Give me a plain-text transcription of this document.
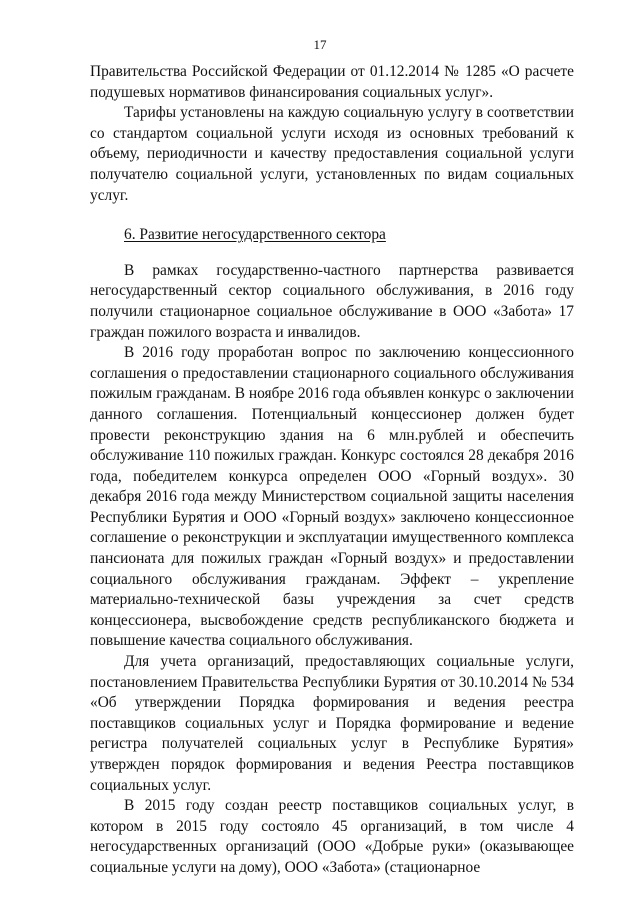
17

Правительства Российской Федерации от 01.12.2014 № 1285 «О расчете подушевых нормативов финансирования социальных услуг».

Тарифы установлены на каждую социальную услугу в соответствии со стандартом социальной услуги исходя из основных требований к объему, периодичности и качеству предоставления социальной услуги получателю социальной услуги, установленных по видам социальных услуг.

6. Развитие негосударственного сектора

В рамках государственно-частного партнерства развивается негосударственный сектор социального обслуживания, в 2016 году получили стационарное социальное обслуживание в ООО «Забота» 17 граждан пожилого возраста и инвалидов.

В 2016 году проработан вопрос по заключению концессионного соглашения о предоставлении стационарного социального обслуживания пожилым гражданам. В ноябре 2016 года объявлен конкурс о заключении данного соглашения. Потенциальный концессионер должен будет провести реконструкцию здания на 6 млн.рублей и обеспечить обслуживание 110 пожилых граждан. Конкурс состоялся 28 декабря 2016 года, победителем конкурса определен ООО «Горный воздух». 30 декабря 2016 года между Министерством социальной защиты населения Республики Бурятия и ООО «Горный воздух» заключено концессионное соглашение о реконструкции и эксплуатации имущественного комплекса пансионата для пожилых граждан «Горный воздух» и предоставлении социального обслуживания гражданам. Эффект – укрепление материально-технической базы учреждения за счет средств концессионера, высвобождение средств республиканского бюджета и повышение качества социального обслуживания.

Для учета организаций, предоставляющих социальные услуги, постановлением Правительства Республики Бурятия от 30.10.2014 № 534 «Об утверждении Порядка формирования и ведения реестра поставщиков социальных услуг и Порядка формирование и ведение регистра получателей социальных услуг в Республике Бурятия» утвержден порядок формирования и ведения Реестра поставщиков социальных услуг.

В 2015 году создан реестр поставщиков социальных услуг, в котором в 2015 году состояло 45 организаций, в том числе 4 негосударственных организаций (ООО «Добрые руки» (оказывающее социальные услуги на дому), ООО «Забота» (стационарное
